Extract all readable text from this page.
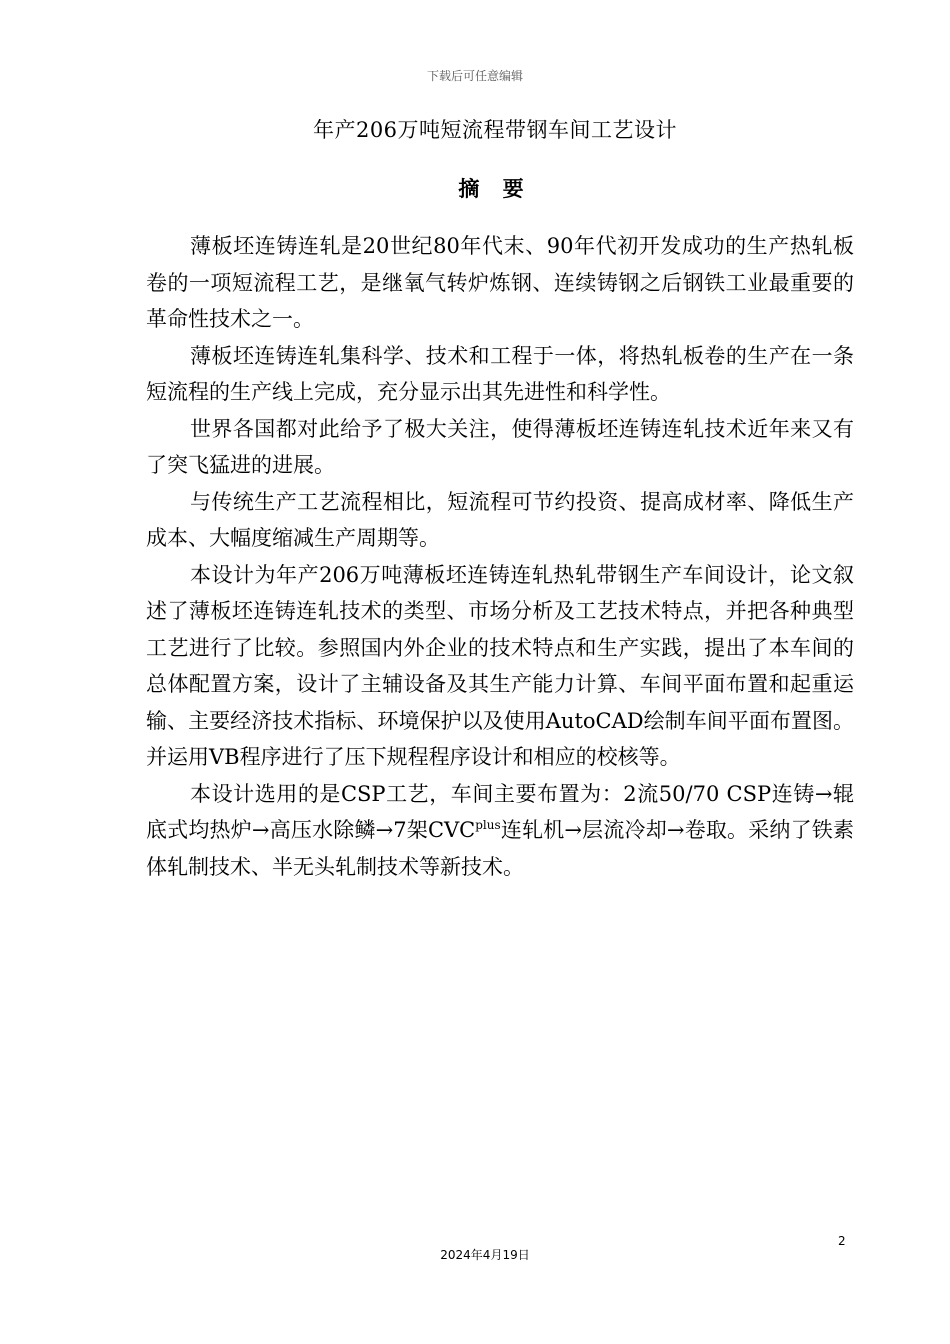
下载后可任意编辑
年产206万吨短流程带钢车间工艺设计
摘 要

薄板坯连铸连轧是20世纪80年代末、90年代初开发成功的生产热轧板卷的一项短流程工艺，是继氧气转炉炼钢、连续铸钢之后钢铁工业最重要的革命性技术之一。

薄板坯连铸连轧集科学、技术和工程于一体，将热轧板卷的生产在一条短流程的生产线上完成，充分显示出其先进性和科学性。

世界各国都对此给予了极大关注，使得薄板坯连铸连轧技术近年来又有了突飞猛进的进展。

与传统生产工艺流程相比，短流程可节约投资、提高成材率、降低生产成本、大幅度缩减生产周期等。

本设计为年产206万吨薄板坯连铸连轧热轧带钢生产车间设计，论文叙述了薄板坯连铸连轧技术的类型、市场分析及工艺技术特点，并把各种典型工艺进行了比较。参照国内外企业的技术特点和生产实践，提出了本车间的总体配置方案，设计了主辅设备及其生产能力计算、车间平面布置和起重运输、主要经济技术指标、环境保护以及使用AutoCAD绘制车间平面布置图。并运用VB程序进行了压下规程程序设计和相应的校核等。

本设计选用的是CSP工艺，车间主要布置为：2流50/70 CSP连铸→辊底式均热炉→高压水除鳞→7架$CVC^{plus}$连轧机→层流冷却→卷取。采纳了铁素体轧制技术、半无头轧制技术等新技术。

2
2024年4月19日
